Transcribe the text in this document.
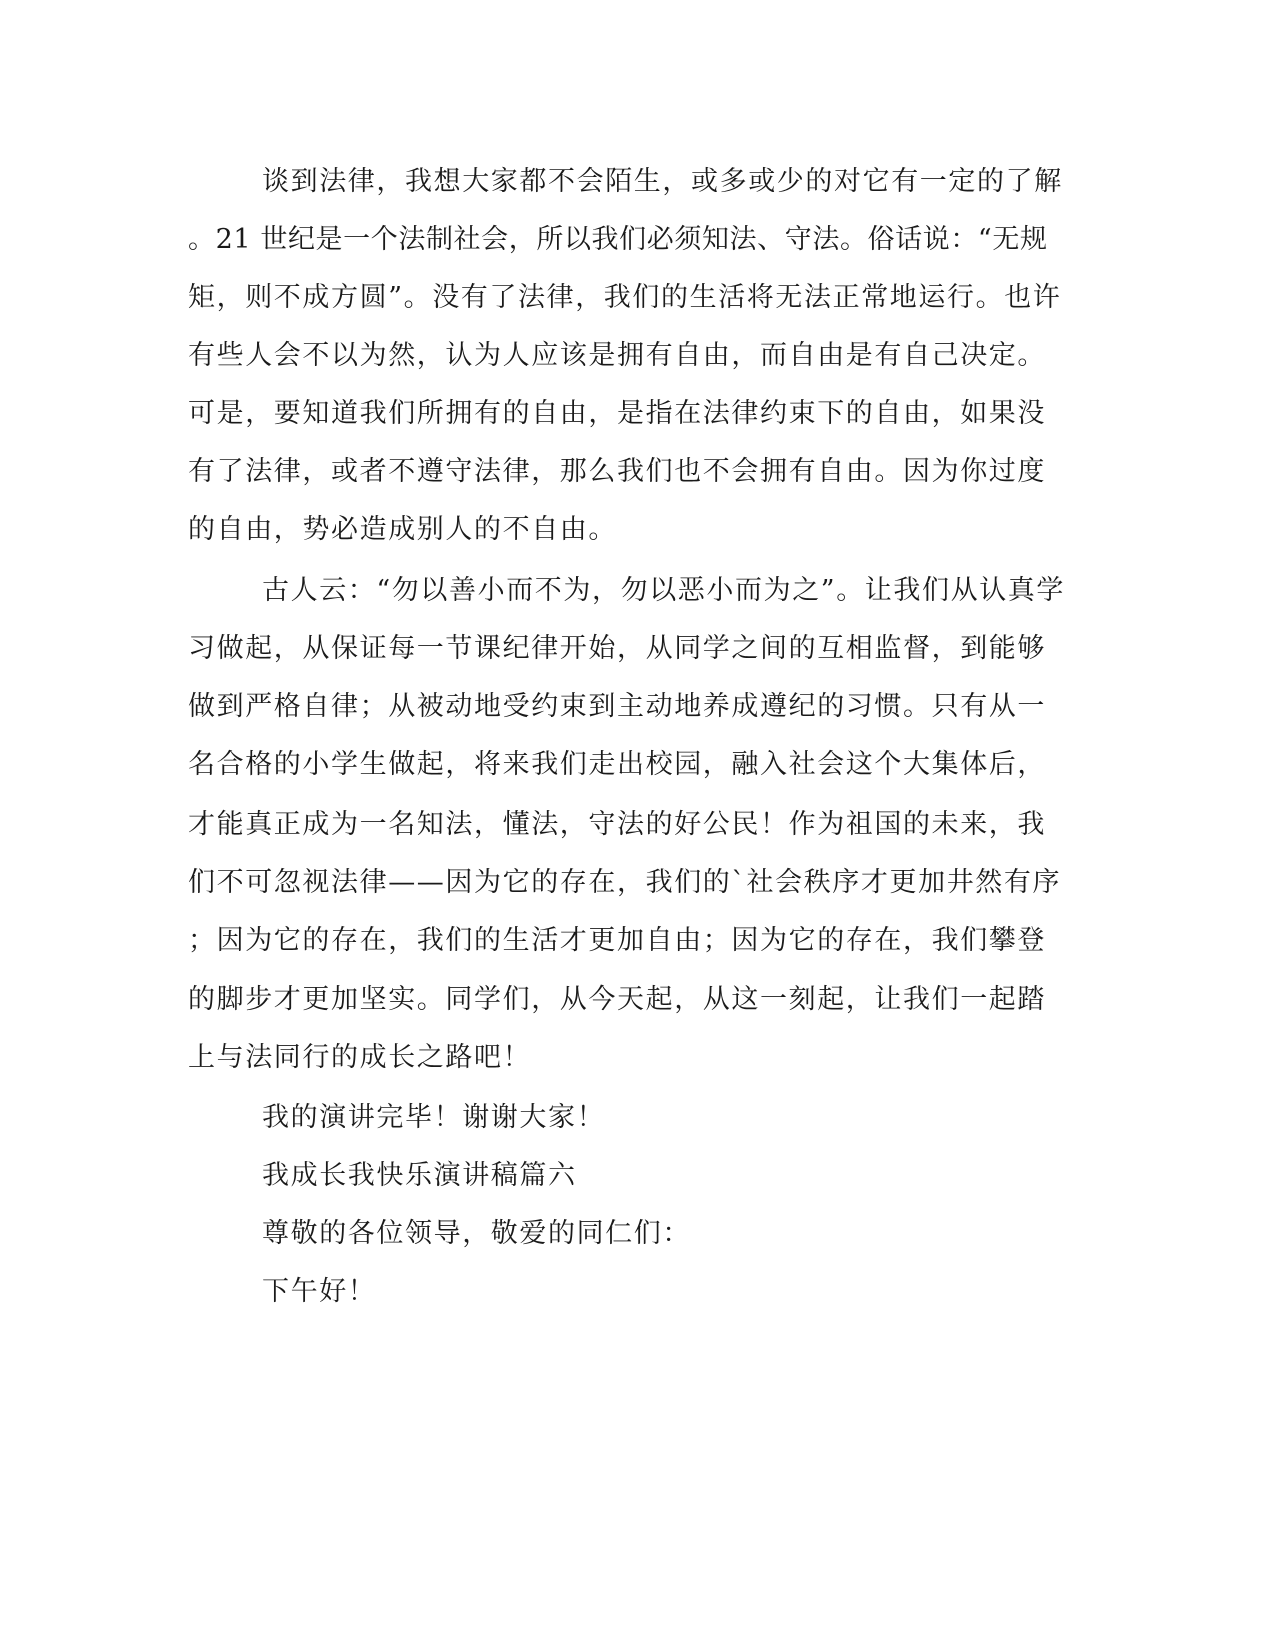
谈到法律，我想大家都不会陌生，或多或少的对它有一定的了解
。21 世纪是一个法制社会，所以我们必须知法、守法。俗话说：“无规
矩，则不成方圆”。没有了法律，我们的生活将无法正常地运行。也许
有些人会不以为然，认为人应该是拥有自由，而自由是有自己决定。
可是，要知道我们所拥有的自由，是指在法律约束下的自由，如果没
有了法律，或者不遵守法律，那么我们也不会拥有自由。因为你过度
的自由，势必造成别人的不自由。
古人云：“勿以善小而不为，勿以恶小而为之”。让我们从认真学
习做起，从保证每一节课纪律开始，从同学之间的互相监督，到能够
做到严格自律；从被动地受约束到主动地养成遵纪的习惯。只有从一
名合格的小学生做起，将来我们走出校园，融入社会这个大集体后，
才能真正成为一名知法，懂法，守法的好公民！作为祖国的未来，我
们不可忽视法律——因为它的存在，我们的`社会秩序才更加井然有序
；因为它的存在，我们的生活才更加自由；因为它的存在，我们攀登
的脚步才更加坚实。同学们，从今天起，从这一刻起，让我们一起踏
上与法同行的成长之路吧！
我的演讲完毕！谢谢大家！
我成长我快乐演讲稿篇六
尊敬的各位领导，敬爱的同仁们：
下午好！
